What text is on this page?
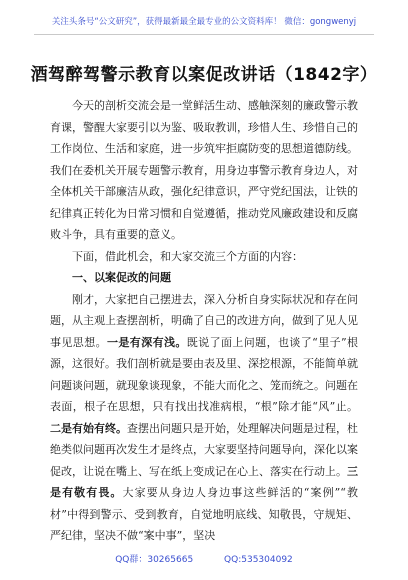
关注头条号“公文研究”，获得最新最全最专业的公文资料库！ 微信：gongwenyj
酒驾醉驾警示教育以案促改讲话（1842字）

今天的剖析交流会是一堂鲜活生动、感触深刻的廉政警示教育课，警醒大家要引以为鉴、吸取教训，珍惜人生、珍惜自己的工作岗位、生活和家庭，进一步筑牢拒腐防变的思想道德防线。我们在委机关开展专题警示教育，用身边事警示教育身边人，对全体机关干部廉洁从政，强化纪律意识，严守党纪国法，让铁的纪律真正转化为日常习惯和自觉遵循，推动党风廉政建设和反腐败斗争，具有重要的意义。

下面，借此机会，和大家交流三个方面的内容：

一、以案促改的问题

刚才，大家把自己摆进去，深入分析自身实际状况和存在问题，从主观上查摆剖析，明确了自己的改进方向，做到了见人见事见思想。一是有深有浅。既说了面上问题，也谈了“里子”根源，这很好。我们剖析就是要由表及里、深挖根源，不能简单就问题谈问题，就现象谈现象，不能大而化之、笼而统之。问题在表面，根子在思想，只有找出找准病根，“根”除才能“风”止。二是有始有终。查摆出问题只是开始，处理解决问题是过程，杜绝类似问题再次发生才是终点，大家要坚持问题导向，深化以案促改，让说在嘴上、写在纸上变成记在心上、落实在行动上。三是有敬有畏。大家要从身边人身边事这些鲜活的“案例”“教材”中得到警示、受到教育，自觉地明底线、知敬畏，守规矩、严纪律，坚决不做“案中事”，坚决

QQ群：30265665	QQ:535304092
